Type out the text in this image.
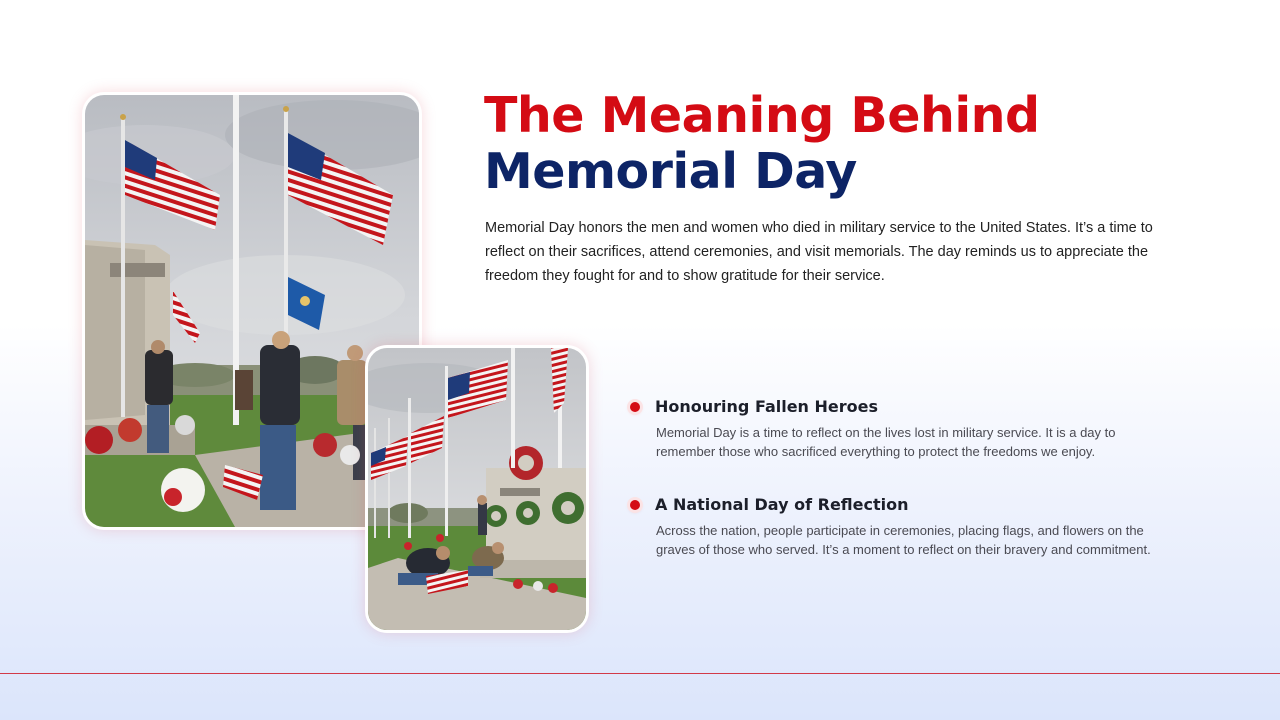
The Meaning Behind
Memorial Day

Memorial Day honors the men and women who died in military service to the United States. It’s a time to reflect on their sacrifices, attend ceremonies, and visit memorials. The day reminds us to appreciate the freedom they fought for and to show gratitude for their service.

Honouring Fallen Heroes

Memorial Day is a time to reflect on the lives lost in military service. It is a day to remember those who sacrificed everything to protect the freedoms we enjoy.

A National Day of Reflection

Across the nation, people participate in ceremonies, placing flags, and flowers on the graves of those who served. It’s a moment to reflect on their bravery and commitment.
